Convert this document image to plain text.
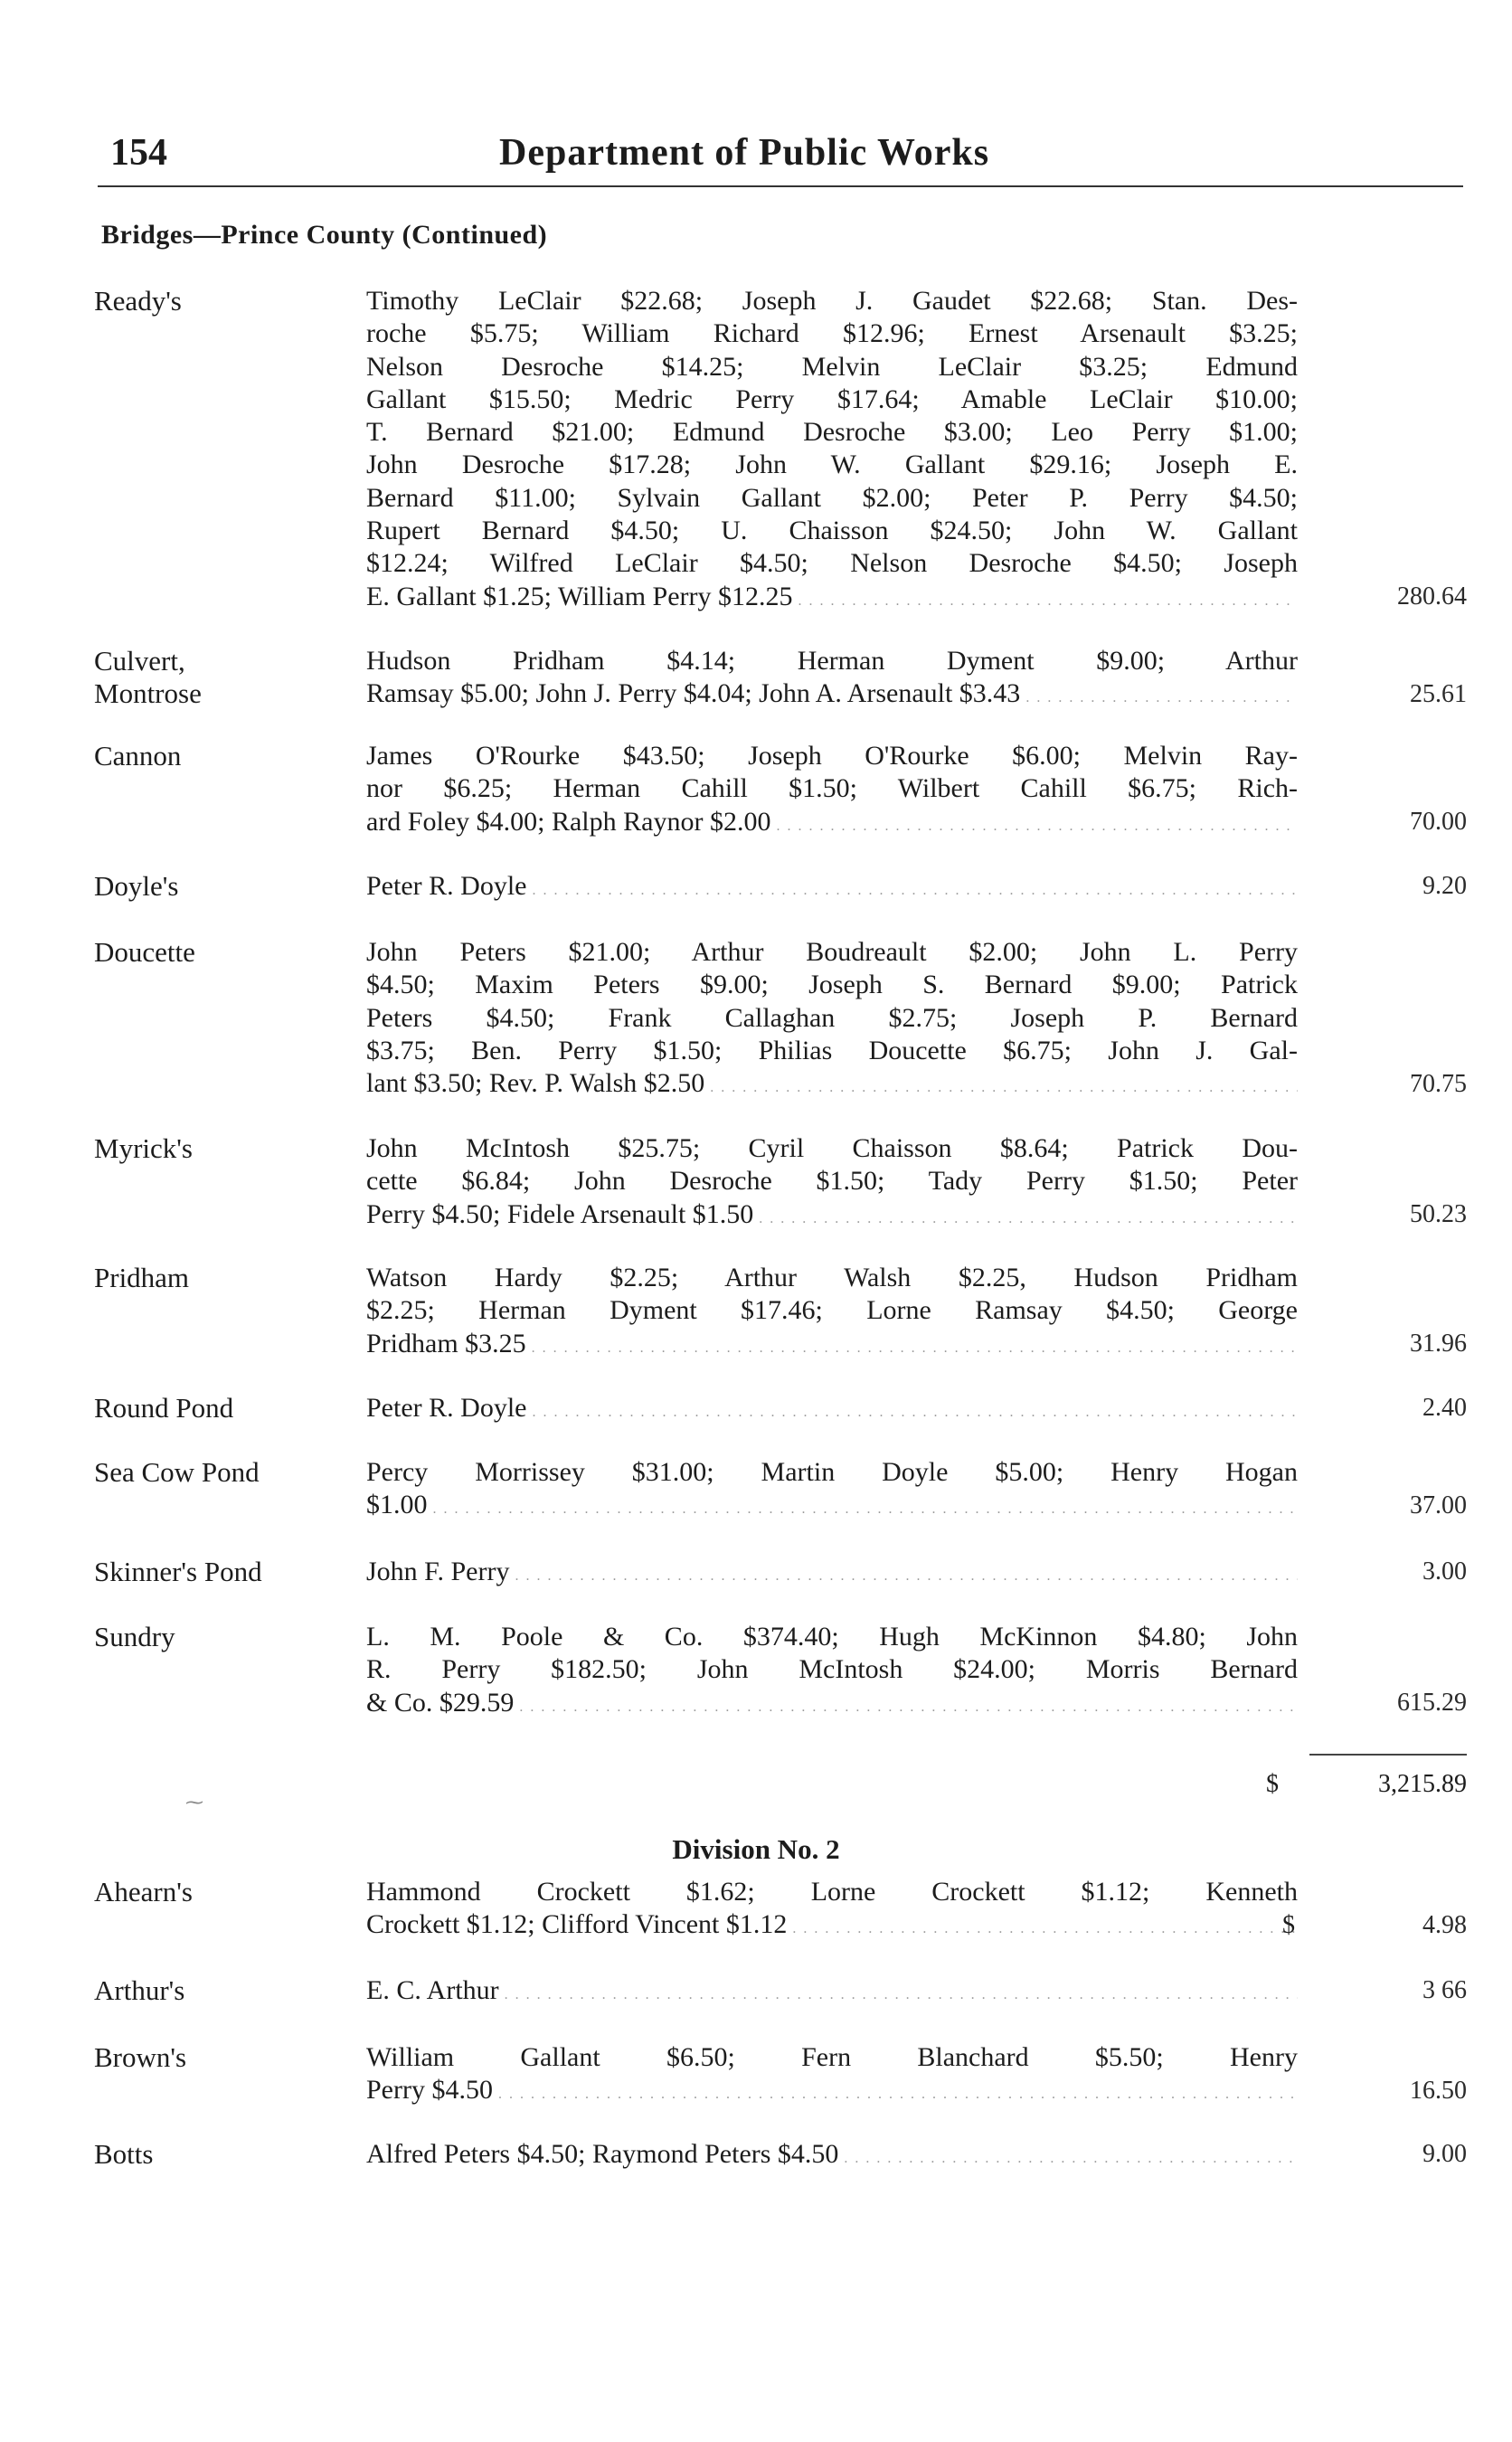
154	Department of Public Works
Bridges—Prince County (Continued)
Ready's	Timothy LeClair $22.68; Joseph J. Gaudet $22.68; Stan. Des-
roche $5.75; William Richard $12.96; Ernest Arsenault $3.25;
Nelson Desroche $14.25; Melvin LeClair $3.25; Edmund
Gallant $15.50; Medric Perry $17.64; Amable LeClair $10.00;
T. Bernard $21.00; Edmund Desroche $3.00; Leo Perry $1.00;
John Desroche $17.28; John W. Gallant $29.16; Joseph E.
Bernard $11.00; Sylvain Gallant $2.00; Peter P. Perry $4.50;
Rupert Bernard $4.50; U. Chaisson $24.50; John W. Gallant
$12.24; Wilfred LeClair $4.50; Nelson Desroche $4.50; Joseph
E. Gallant $1.25; William Perry $12.25 . . .	280.64
Culvert,
Montrose
Hudson Pridham $4.14; Herman Dyment $9.00; Arthur
Ramsay $5.00; John J. Perry $4.04; John A. Arsenault $3.43 . . .	25.61
Cannon	James O'Rourke $43.50; Joseph O'Rourke $6.00; Melvin Ray-
nor $6.25; Herman Cahill $1.50; Wilbert Cahill $6.75; Rich-
ard Foley $4.00; Ralph Raynor $2.00 . . .	70.00
Doyle's	Peter R. Doyle . . .	9.20
Doucette	John Peters $21.00; Arthur Boudreault $2.00; John L. Perry
$4.50; Maxim Peters $9.00; Joseph S. Bernard $9.00; Patrick
Peters $4.50; Frank Callaghan $2.75; Joseph P. Bernard
$3.75; Ben. Perry $1.50; Philias Doucette $6.75; John J. Gal-
lant $3.50; Rev. P. Walsh $2.50 . . .	70.75
Myrick's	John McIntosh $25.75; Cyril Chaisson $8.64; Patrick Dou-
cette $6.84; John Desroche $1.50; Tady Perry $1.50; Peter
Perry $4.50; Fidele Arsenault $1.50 . . .	50.23
Pridham	Watson Hardy $2.25; Arthur Walsh $2.25, Hudson Pridham
$2.25; Herman Dyment $17.46; Lorne Ramsay $4.50; George
Pridham $3.25 . . .	31.96
Round Pond	Peter R. Doyle . . .	2.40
Sea Cow Pond	Percy Morrissey $31.00; Martin Doyle $5.00; Henry Hogan
$1.00 . . .	37.00
Skinner's Pond	John F. Perry . . .	3.00
Sundry	L. M. Poole & Co. $374.40; Hugh McKinnon $4.80; John
R. Perry $182.50; John McIntosh $24.00; Morris Bernard
& Co. $29.59 . . .	615.29
$	3,215.89
Division No. 2
Ahearn's	Hammond Crockett $1.62; Lorne Crockett $1.12; Kenneth
Crockett $1.12; Clifford Vincent $1.12 . . .	$	4.98
Arthur's	E. C. Arthur . . .	3 66
Brown's	William Gallant $6.50; Fern Blanchard $5.50; Henry
Perry $4.50 . . .	16.50
Botts	Alfred Peters $4.50; Raymond Peters $4.50 . . .	9.00
⁓
